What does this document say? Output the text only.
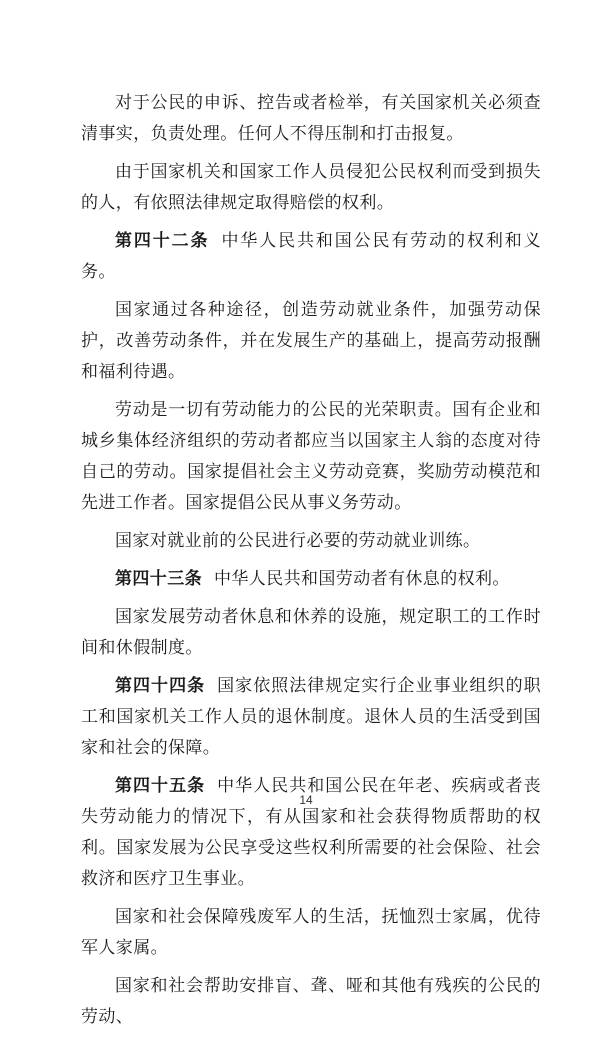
对于公民的申诉、控告或者检举，有关国家机关必须查清事实，负责处理。任何人不得压制和打击报复。

由于国家机关和国家工作人员侵犯公民权利而受到损失的人，有依照法律规定取得赔偿的权利。

第四十二条 中华人民共和国公民有劳动的权利和义务。

国家通过各种途径，创造劳动就业条件，加强劳动保护，改善劳动条件，并在发展生产的基础上，提高劳动报酬和福利待遇。

劳动是一切有劳动能力的公民的光荣职责。国有企业和城乡集体经济组织的劳动者都应当以国家主人翁的态度对待自己的劳动。国家提倡社会主义劳动竞赛，奖励劳动模范和先进工作者。国家提倡公民从事义务劳动。

国家对就业前的公民进行必要的劳动就业训练。

第四十三条 中华人民共和国劳动者有休息的权利。

国家发展劳动者休息和休养的设施，规定职工的工作时间和休假制度。

第四十四条 国家依照法律规定实行企业事业组织的职工和国家机关工作人员的退休制度。退休人员的生活受到国家和社会的保障。

第四十五条 中华人民共和国公民在年老、疾病或者丧失劳动能力的情况下，有从国家和社会获得物质帮助的权利。国家发展为公民享受这些权利所需要的社会保险、社会救济和医疗卫生事业。

国家和社会保障残废军人的生活，抚恤烈士家属，优待军人家属。

国家和社会帮助安排盲、聋、哑和其他有残疾的公民的劳动、

14
